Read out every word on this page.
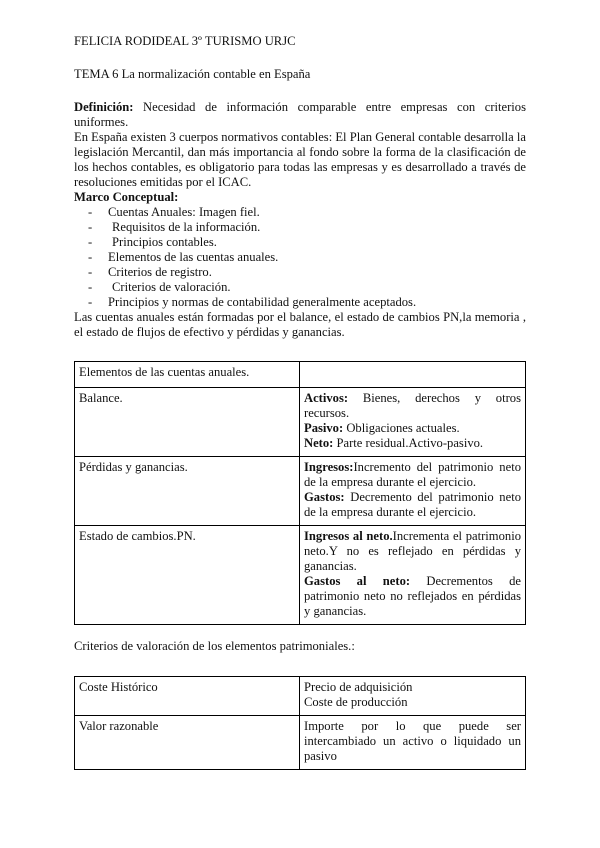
FELICIA RODIDEAL 3º TURISMO URJC
TEMA 6 La normalización contable en España

Definición: Necesidad de información comparable entre empresas con criterios uniformes.

En España existen 3 cuerpos normativos contables: El Plan General contable desarrolla la legislación Mercantil, dan más importancia al fondo sobre la forma de la clasificación de los hechos contables, es obligatorio para todas las empresas y es desarrollado a través de resoluciones emitidas por el ICAC.

Marco Conceptual:
- Cuentas Anuales: Imagen fiel.
- Requisitos de la información.
- Principios contables.
- Elementos de las cuentas anuales.
- Criterios de registro.
- Criterios de valoración.
- Principios y normas de contabilidad generalmente aceptados.

Las cuentas anuales están formadas por el balance, el estado de cambios PN,la memoria , el estado de flujos de efectivo y pérdidas y ganancias.

Elementos de las cuentas anuales.	
Balance.	Activos: Bienes, derechos y otros recursos.
Pasivo: Obligaciones actuales.
Neto: Parte residual.Activo-pasivo.

Pérdidas y ganancias.	Ingresos:Incremento del patrimonio neto de la empresa durante el ejercicio.
Gastos: Decremento del patrimonio neto de la empresa durante el ejercicio.

Estado de cambios.PN.	Ingresos al neto.Incrementa el patrimonio neto.Y no es reflejado en pérdidas y ganancias.
Gastos al neto: Decrementos de patrimonio neto no reflejados en pérdidas y ganancias.
Criterios de valoración de los elementos patrimoniales.:
Coste Histórico	Precio de adquisición
Coste de producción

Valor razonable	Importe por lo que puede ser intercambiado un activo o liquidado un pasivo
